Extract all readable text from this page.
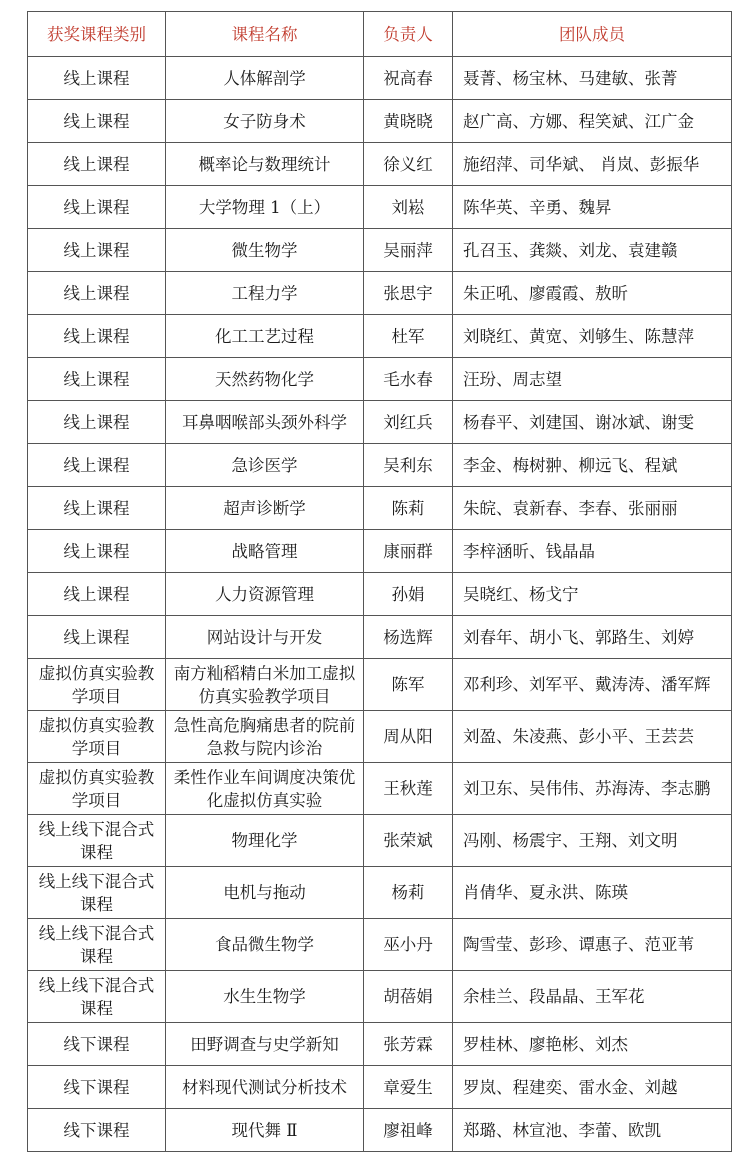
获奖课程类别	课程名称	负责人	团队成员
线上课程	人体解剖学	祝高春	聂菁、杨宝林、马建敏、张菁
线上课程	女子防身术	黄晓晓	赵广高、方娜、程笑斌、江广金
线上课程	概率论与数理统计	徐义红	施绍萍、司华斌、 肖岚、彭振华
线上课程	大学物理 1（上）	刘崧	陈华英、辛勇、魏昇
线上课程	微生物学	吴丽萍	孔召玉、龚燚、刘龙、袁建赣
线上课程	工程力学	张思宇	朱正吼、廖霞霞、敖昕
线上课程	化工工艺过程	杜军	刘晓红、黄宽、刘够生、陈慧萍
线上课程	天然药物化学	毛水春	汪玢、周志望
线上课程	耳鼻咽喉部头颈外科学	刘红兵	杨春平、刘建国、谢冰斌、谢雯
线上课程	急诊医学	吴利东	李金、梅树翀、柳远飞、程斌
线上课程	超声诊断学	陈莉	朱皖、袁新春、李春、张丽丽
线上课程	战略管理	康丽群	李梓涵昕、钱晶晶
线上课程	人力资源管理	孙娟	吴晓红、杨戈宁
线上课程	网站设计与开发	杨选辉	刘春年、胡小飞、郭路生、刘婷
虚拟仿真实验教学项目	南方籼稻精白米加工虚拟仿真实验教学项目	陈军	邓利珍、刘军平、戴涛涛、潘军辉
虚拟仿真实验教学项目	急性高危胸痛患者的院前急救与院内诊治	周从阳	刘盈、朱凌燕、彭小平、王芸芸
虚拟仿真实验教学项目	柔性作业车间调度决策优化虚拟仿真实验	王秋莲	刘卫东、吴伟伟、苏海涛、李志鹏
线上线下混合式课程	物理化学	张荣斌	冯刚、杨震宇、王翔、刘文明
线上线下混合式课程	电机与拖动	杨莉	肖倩华、夏永洪、陈瑛
线上线下混合式课程	食品微生物学	巫小丹	陶雪莹、彭珍、谭惠子、范亚苇
线上线下混合式课程	水生生物学	胡蓓娟	余桂兰、段晶晶、王军花
线下课程	田野调查与史学新知	张芳霖	罗桂林、廖艳彬、刘杰
线下课程	材料现代测试分析技术	章爱生	罗岚、程建奕、雷水金、刘越
线下课程	现代舞 Ⅱ	廖祖峰	郑璐、林宣池、李蕾、欧凯
